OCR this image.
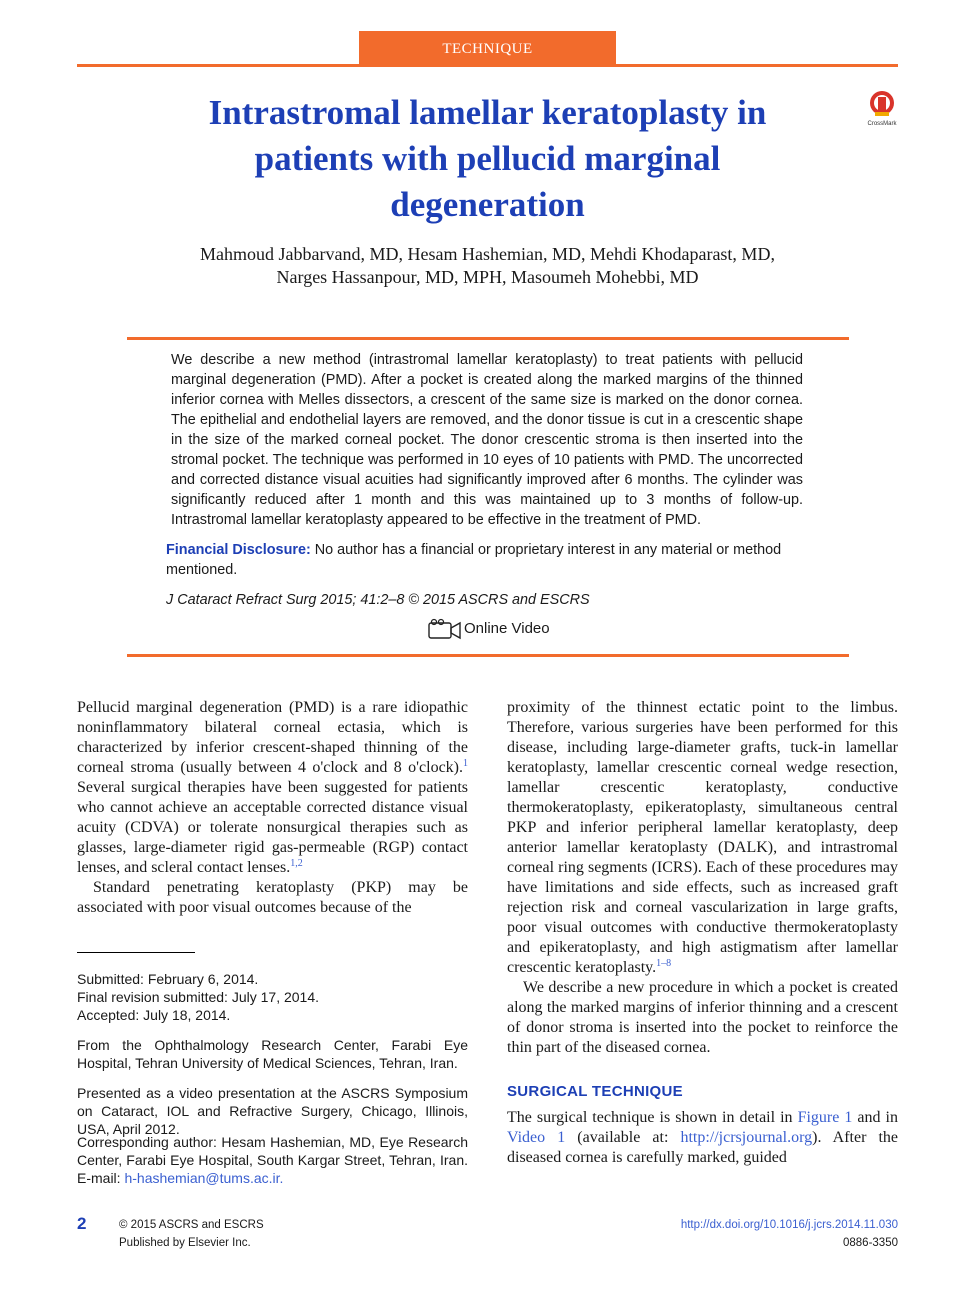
TECHNIQUE
Intrastromal lamellar keratoplasty in patients with pellucid marginal degeneration
CrossMark
Mahmoud Jabbarvand, MD, Hesam Hashemian, MD, Mehdi Khodaparast, MD,
Narges Hassanpour, MD, MPH, Masoumeh Mohebbi, MD
We describe a new method (intrastromal lamellar keratoplasty) to treat patients with pellucid marginal degeneration (PMD). After a pocket is created along the marked margins of the thinned inferior cornea with Melles dissectors, a crescent of the same size is marked on the donor cornea. The epithelial and endothelial layers are removed, and the donor tissue is cut in a crescentic shape in the size of the marked corneal pocket. The donor crescentic stroma is then inserted into the stromal pocket. The technique was performed in 10 eyes of 10 patients with PMD. The uncorrected and corrected distance visual acuities had significantly improved after 6 months. The cylinder was significantly reduced after 1 month and this was maintained up to 3 months of follow-up. Intrastromal lamellar keratoplasty appeared to be effective in the treatment of PMD.
Financial Disclosure: No author has a financial or proprietary interest in any material or method mentioned.
J Cataract Refract Surg 2015; 41:2–8 © 2015 ASCRS and ESCRS
Online Video

Pellucid marginal degeneration (PMD) is a rare idiopathic noninflammatory bilateral corneal ectasia, which is characterized by inferior crescent-shaped thinning of the corneal stroma (usually between 4 o'clock and 8 o'clock).$^1$ Several surgical therapies have been suggested for patients who cannot achieve an acceptable corrected distance visual acuity (CDVA) or tolerate nonsurgical therapies such as glasses, large-diameter rigid gas-permeable (RGP) contact lenses, and scleral contact lenses.$^{1,2}$

Standard penetrating keratoplasty (PKP) may be associated with poor visual outcomes because of the

Submitted: February 6, 2014.

Final revision submitted: July 17, 2014.

Accepted: July 18, 2014.

From the Ophthalmology Research Center, Farabi Eye Hospital, Tehran University of Medical Sciences, Tehran, Iran.
Presented as a video presentation at the ASCRS Symposium on Cataract, IOL and Refractive Surgery, Chicago, Illinois, USA, April 2012.
Corresponding author: Hesam Hashemian, MD, Eye Research Center, Farabi Eye Hospital, South Kargar Street, Tehran, Iran. E-mail: h-hashemian@tums.ac.ir.

proximity of the thinnest ectatic point to the limbus. Therefore, various surgeries have been performed for this disease, including large-diameter grafts, tuck-in lamellar keratoplasty, lamellar crescentic corneal wedge resection, lamellar crescentic keratoplasty, conductive thermokeratoplasty, epikeratoplasty, simultaneous central PKP and inferior peripheral lamellar keratoplasty, deep anterior lamellar keratoplasty (DALK), and intrastromal corneal ring segments (ICRS). Each of these procedures may have limitations and side effects, such as increased graft rejection risk and corneal vascularization in large grafts, poor visual outcomes with conductive thermokeratoplasty and epikeratoplasty, and high astigmatism after lamellar crescentic keratoplasty.$^{1-8}$

We describe a new procedure in which a pocket is created along the marked margins of inferior thinning and a crescent of donor stroma is inserted into the pocket to reinforce the thin part of the diseased cornea.

SURGICAL TECHNIQUE

The surgical technique is shown in detail in Figure 1 and in Video 1 (available at: http://jcrsjournal.org). After the diseased cornea is carefully marked, guided

2	© 2015 ASCRS and ESCRS
Published by Elsevier Inc.
http://dx.doi.org/10.1016/j.jcrs.2014.11.030
0886-3350
